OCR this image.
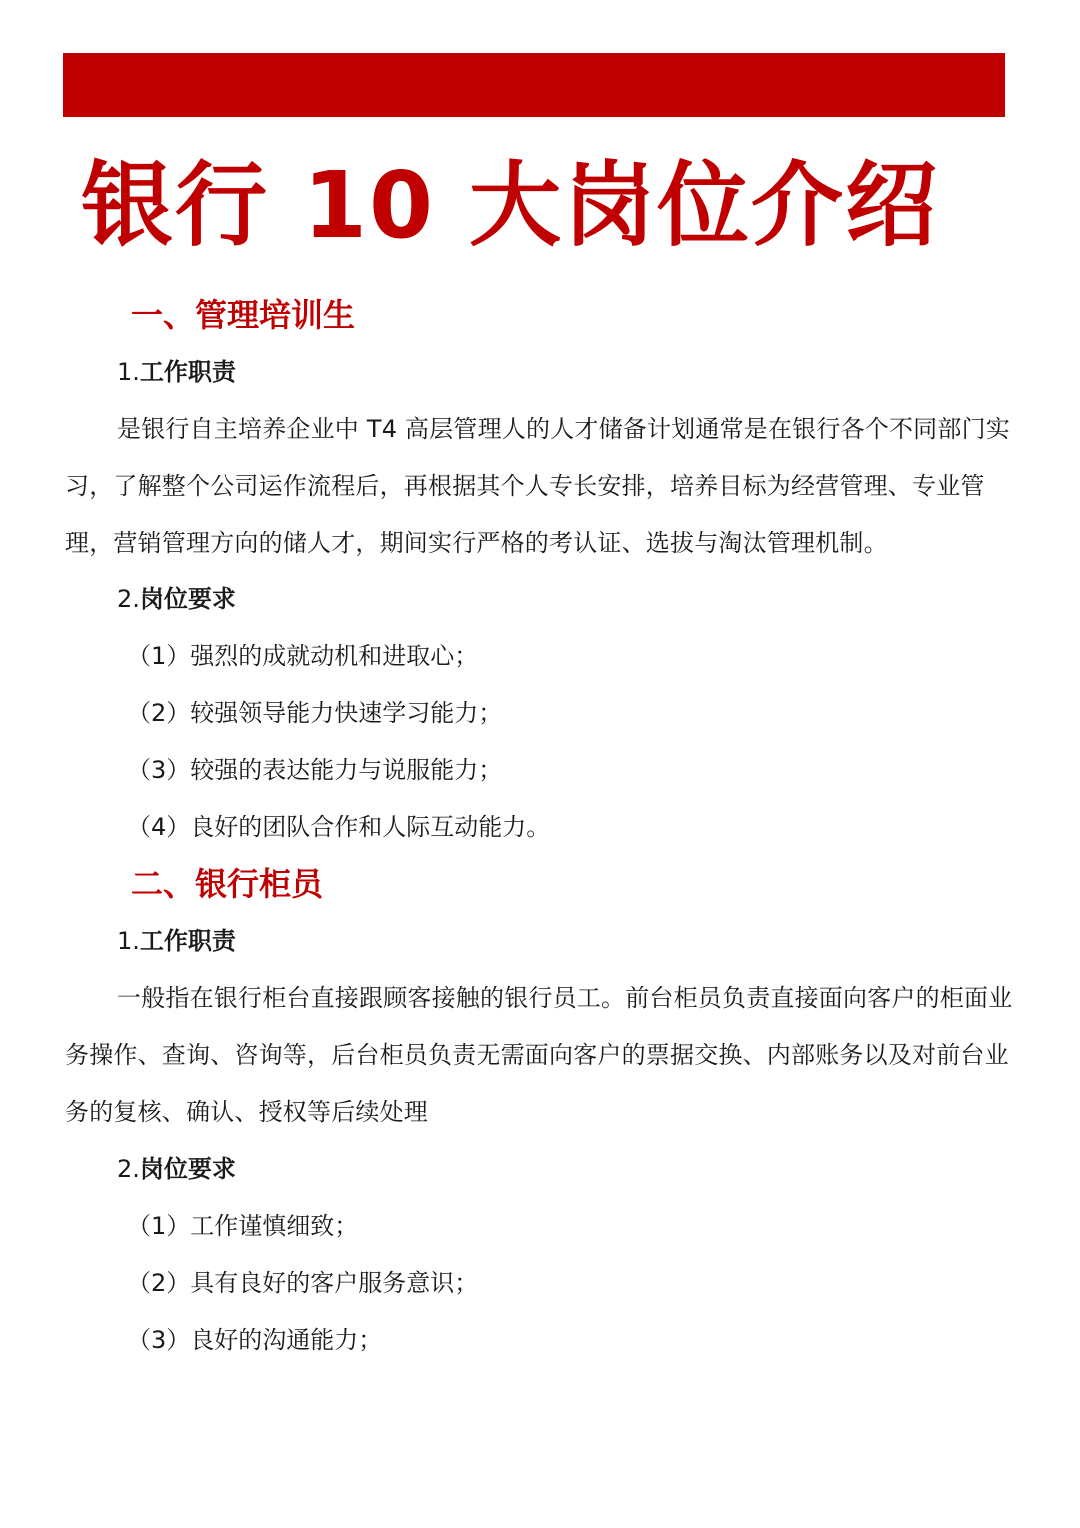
银行 10 大岗位介绍
一、管理培训生
1.工作职责

是银行自主培养企业中 T4 高层管理人的人才储备计划通常是在银行各个不同部门实习，了解整个公司运作流程后，再根据其个人专长安排，培养目标为经营管理、专业管理，营销管理方向的储人才，期间实行严格的考认证、选拔与淘汰管理机制。

2.岗位要求
（1）强烈的成就动机和进取心；
（2）较强领导能力快速学习能力；
（3）较强的表达能力与说服能力；
（4）良好的团队合作和人际互动能力。
二、银行柜员
1.工作职责

一般指在银行柜台直接跟顾客接触的银行员工。前台柜员负责直接面向客户的柜面业务操作、查询、咨询等，后台柜员负责无需面向客户的票据交换、内部账务以及对前台业务的复核、确认、授权等后续处理

2.岗位要求
（1）工作谨慎细致；
（2）具有良好的客户服务意识；
（3）良好的沟通能力；
